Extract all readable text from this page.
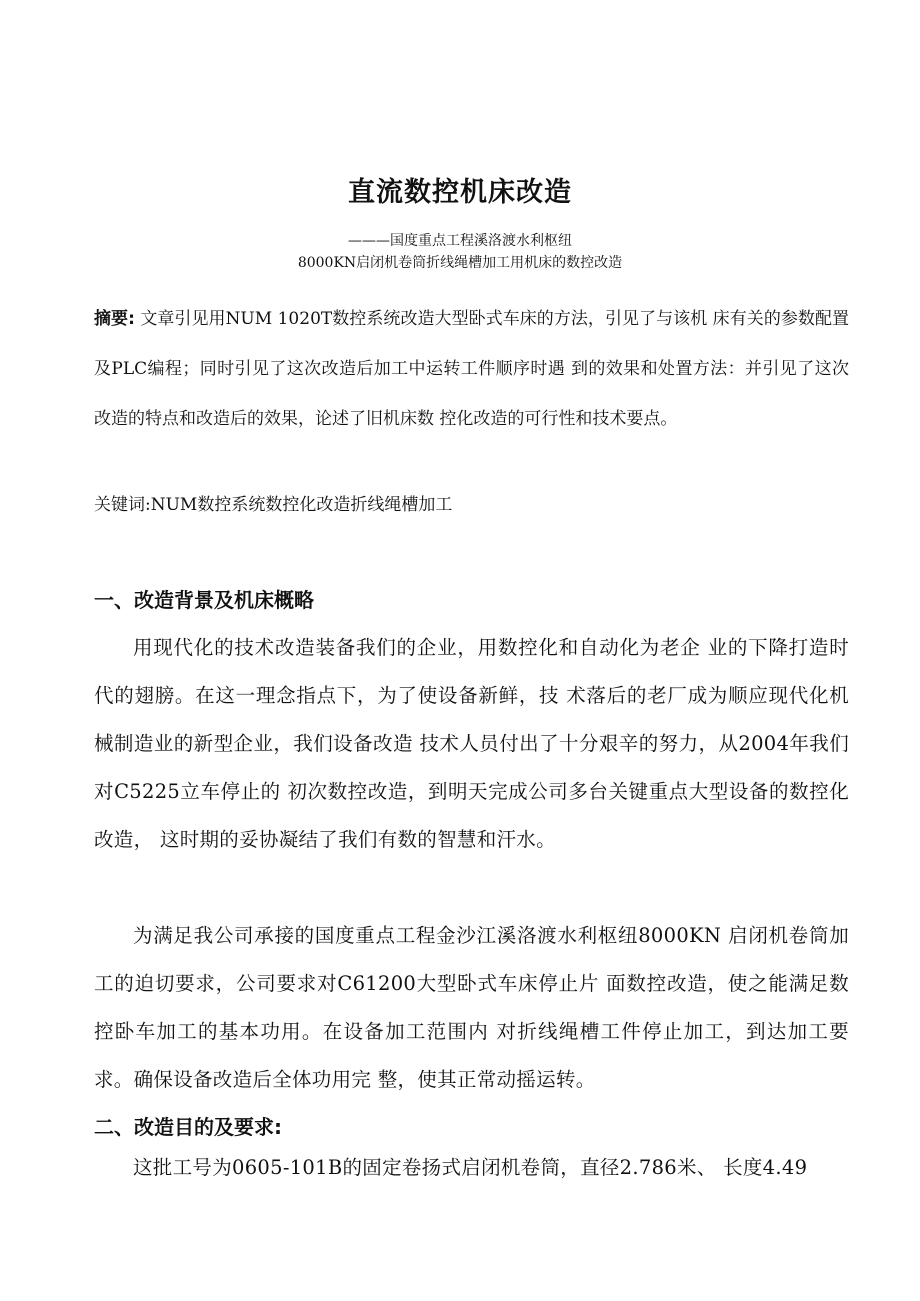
直流数控机床改造
———国度重点工程溪洛渡水利枢纽
8000KN启闭机卷筒折线绳槽加工用机床的数控改造

摘要: 文章引见用NUM 1020T数控系统改造大型卧式车床的方法，引见了与该机 床有关的参数配置及PLC编程；同时引见了这次改造后加工中运转工件顺序时遇 到的效果和处置方法：并引见了这次改造的特点和改造后的效果，论述了旧机床数 控化改造的可行性和技术要点。

关键词:NUM数控系统数控化改造折线绳槽加工

一、改造背景及机床概略

用现代化的技术改造装备我们的企业，用数控化和自动化为老企 业的下降打造时代的翅膀。在这一理念指点下，为了使设备新鲜，技 术落后的老厂成为顺应现代化机械制造业的新型企业，我们设备改造 技术人员付出了十分艰辛的努力，从2004年我们对C5225立车停止的 初次数控改造，到明天完成公司多台关键重点大型设备的数控化改造， 这时期的妥协凝结了我们有数的智慧和汗水。

为满足我公司承接的国度重点工程金沙江溪洛渡水利枢纽8000KN 启闭机卷筒加工的迫切要求，公司要求对C61200大型卧式车床停止片 面数控改造，使之能满足数控卧车加工的基本功用。在设备加工范围内 对折线绳槽工件停止加工，到达加工要求。确保设备改造后全体功用完 整，使其正常动摇运转。

二、改造目的及要求:

这批工号为0605-101B的固定卷扬式启闭机卷筒，直径2.786米、 长度4.49
